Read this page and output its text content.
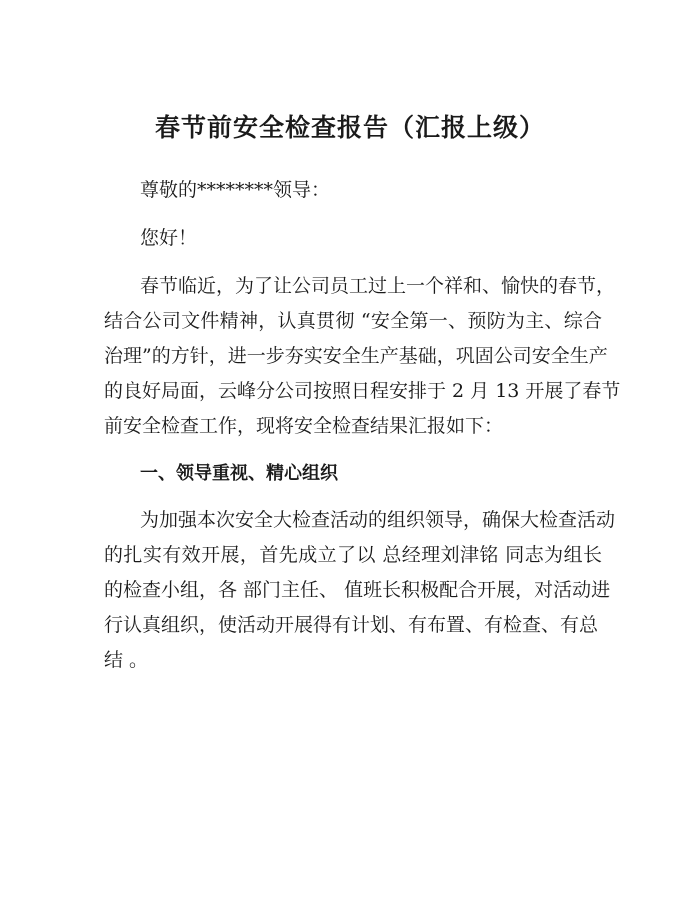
春节前安全检查报告（汇报上级）
尊敬的********领导：
您好！
春节临近，为了让公司员工过上一个祥和、愉快的春节，
结合公司文件精神，认真贯彻 “安全第一、预防为主、综合
治理”的方针，进一步夯实安全生产基础，巩固公司安全生产
的良好局面，云峰分公司按照日程安排于 2 月 13 开展了春节
前安全检查工作，现将安全检查结果汇报如下：
一、领导重视、精心组织
为加强本次安全大检查活动的组织领导，确保大检查活动
的扎实有效开展，首先成立了以 总经理刘津铭 同志为组长
的检查小组，各 部门主任、 值班长积极配合开展，对活动进
行认真组织，使活动开展得有计划、有布置、有检查、有总
结 。
